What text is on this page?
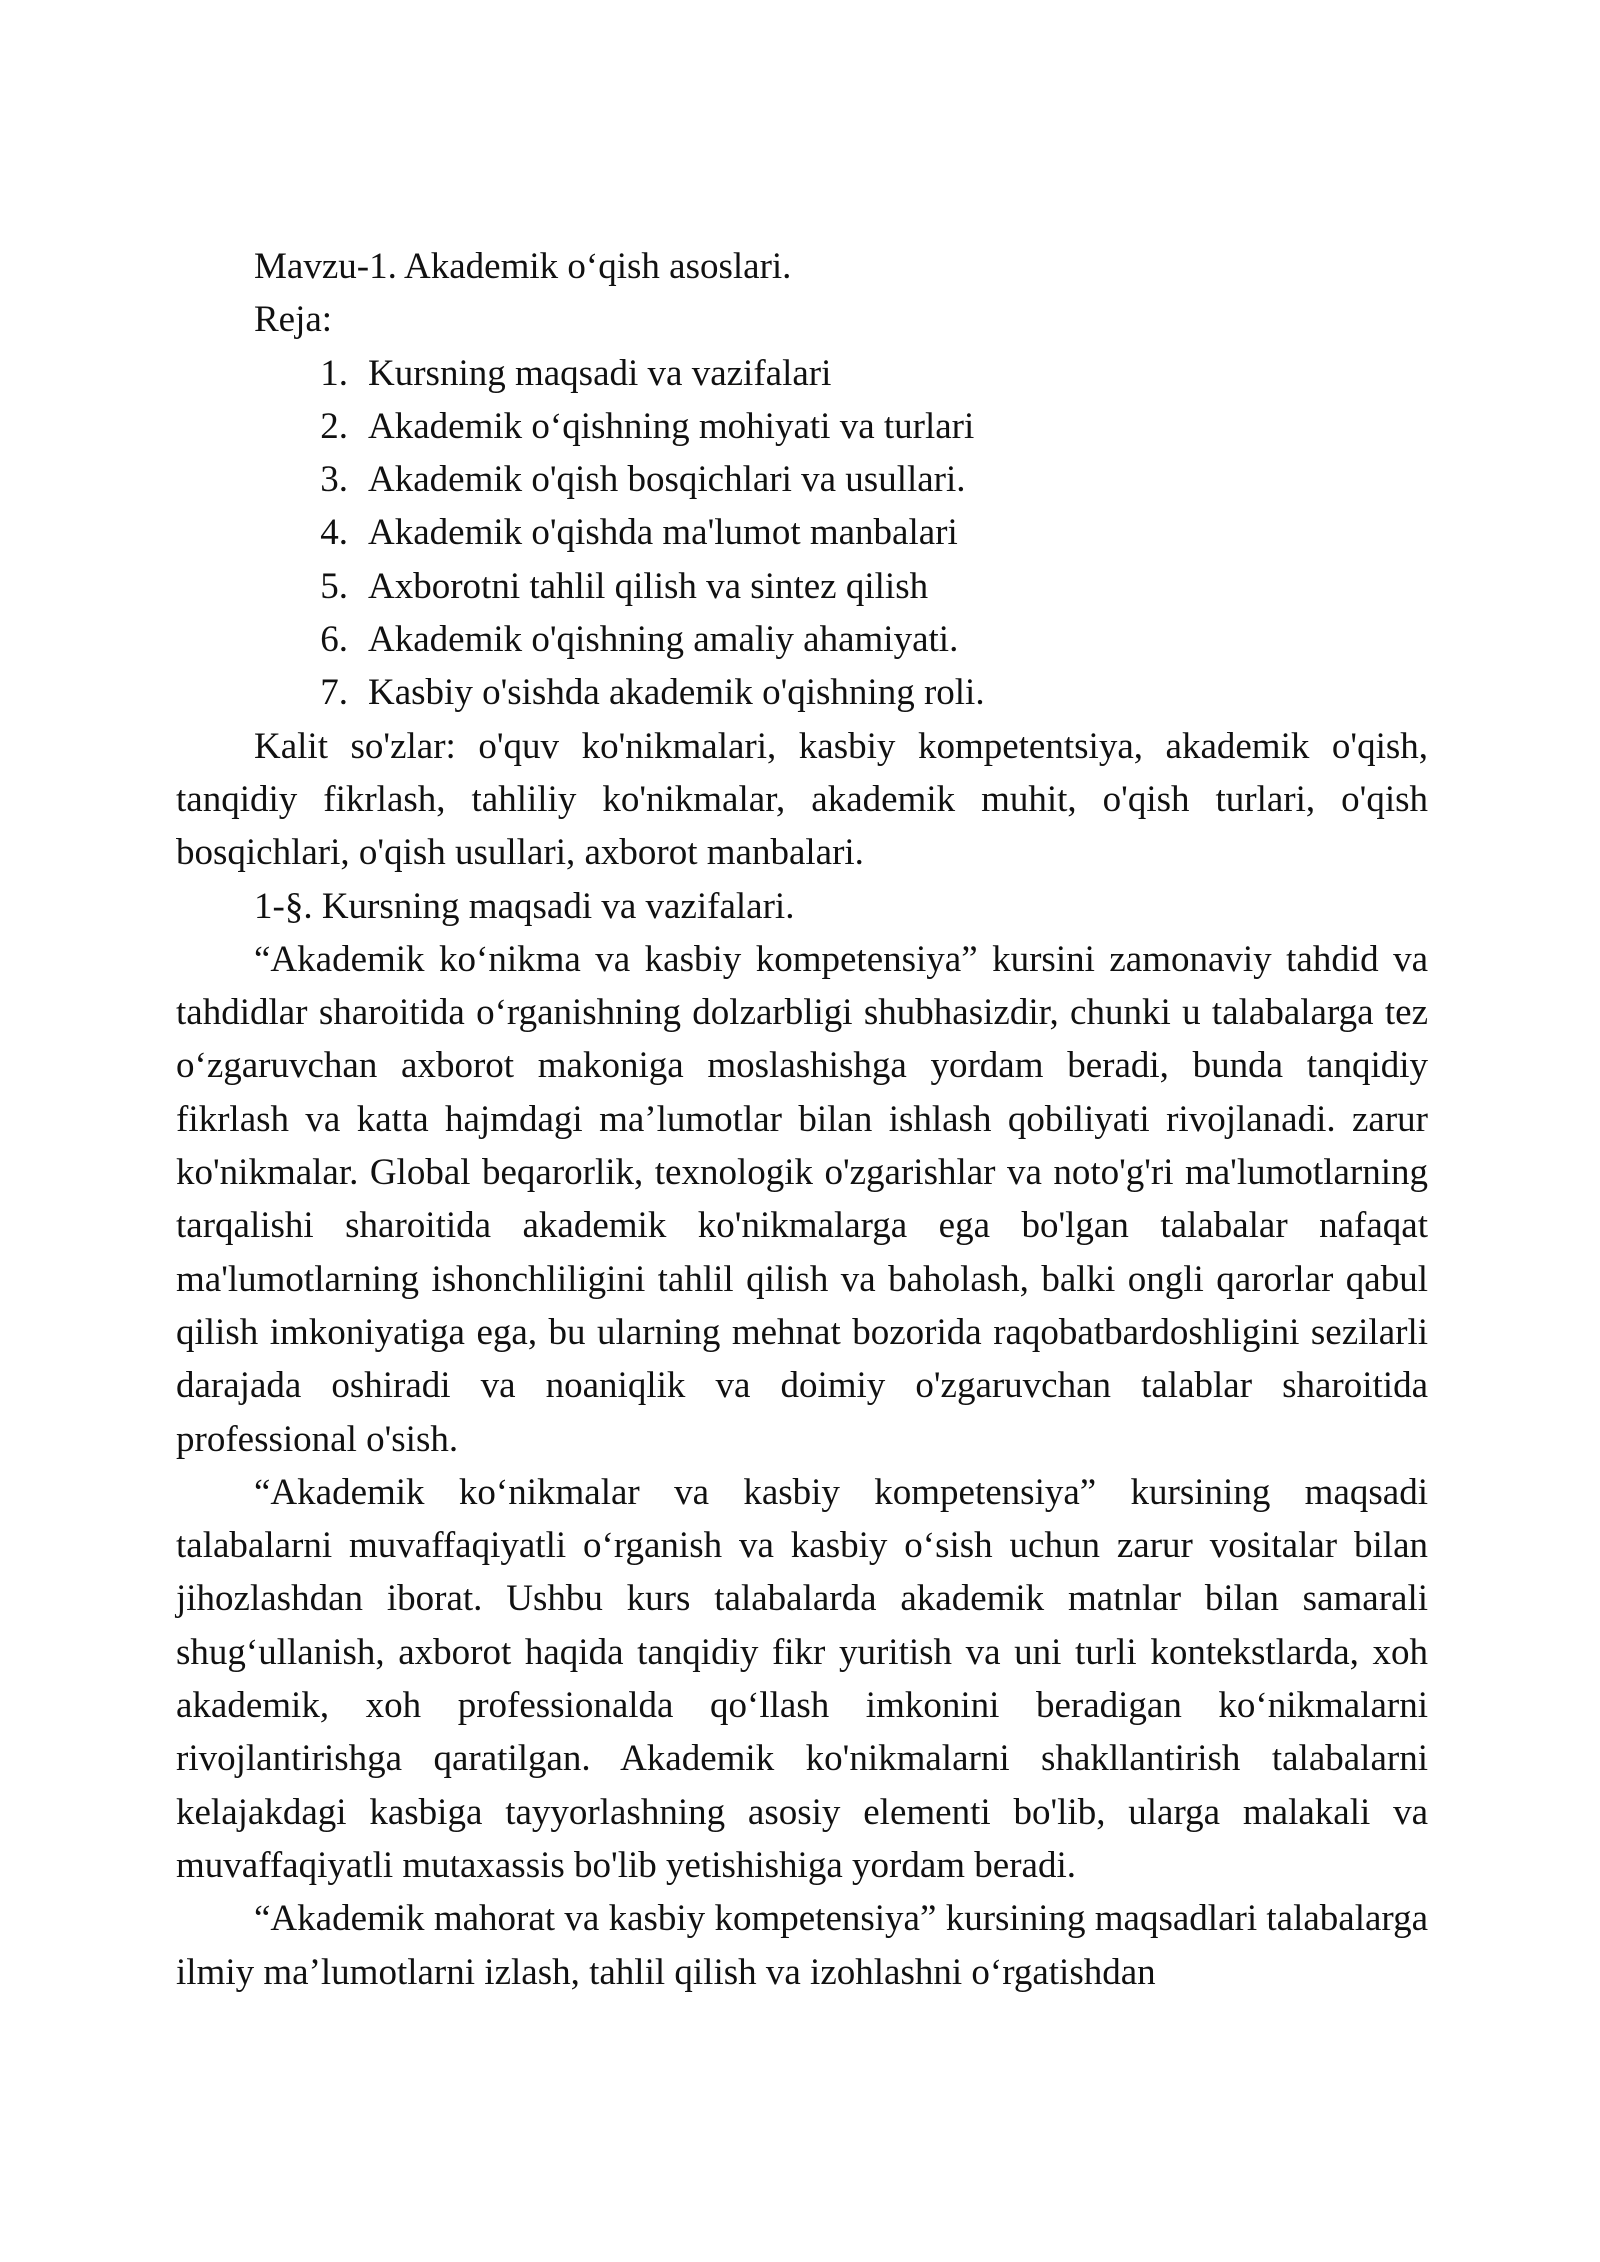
Mavzu-1. Akademik o‘qish asoslari.

Reja:

1. Kursning maqsadi va vazifalari
2. Akademik o‘qishning mohiyati va turlari
3. Akademik o'qish bosqichlari va usullari.
4. Akademik o'qishda ma'lumot manbalari
5. Axborotni tahlil qilish va sintez qilish
6. Akademik o'qishning amaliy ahamiyati.
7. Kasbiy o'sishda akademik o'qishning roli.

Kalit so'zlar: o'quv ko'nikmalari, kasbiy kompetentsiya, akademik o'qish, tanqidiy fikrlash, tahliliy ko'nikmalar, akademik muhit, o'qish turlari, o'qish bosqichlari, o'qish usullari, axborot manbalari.

1-§. Kursning maqsadi va vazifalari.

“Akademik ko‘nikma va kasbiy kompetensiya” kursini zamonaviy tahdid va tahdidlar sharoitida o‘rganishning dolzarbligi shubhasizdir, chunki u talabalarga tez o‘zgaruvchan axborot makoniga moslashishga yordam beradi, bunda tanqidiy fikrlash va katta hajmdagi ma’lumotlar bilan ishlash qobiliyati rivojlanadi. zarur ko'nikmalar. Global beqarorlik, texnologik o'zgarishlar va noto'g'ri ma'lumotlarning tarqalishi sharoitida akademik ko'nikmalarga ega bo'lgan talabalar nafaqat ma'lumotlarning ishonchliligini tahlil qilish va baholash, balki ongli qarorlar qabul qilish imkoniyatiga ega, bu ularning mehnat bozorida raqobatbardoshligini sezilarli darajada oshiradi va noaniqlik va doimiy o'zgaruvchan talablar sharoitida professional o'sish.

“Akademik ko‘nikmalar va kasbiy kompetensiya” kursining maqsadi talabalarni muvaffaqiyatli o‘rganish va kasbiy o‘sish uchun zarur vositalar bilan jihozlashdan iborat. Ushbu kurs talabalarda akademik matnlar bilan samarali shug‘ullanish, axborot haqida tanqidiy fikr yuritish va uni turli kontekstlarda, xoh akademik, xoh professionalda qo‘llash imkonini beradigan ko‘nikmalarni rivojlantirishga qaratilgan. Akademik ko'nikmalarni shakllantirish talabalarni kelajakdagi kasbiga tayyorlashning asosiy elementi bo'lib, ularga malakali va muvaffaqiyatli mutaxassis bo'lib yetishishiga yordam beradi.

“Akademik mahorat va kasbiy kompetensiya” kursining maqsadlari talabalarga ilmiy ma’lumotlarni izlash, tahlil qilish va izohlashni o‘rgatishdan
